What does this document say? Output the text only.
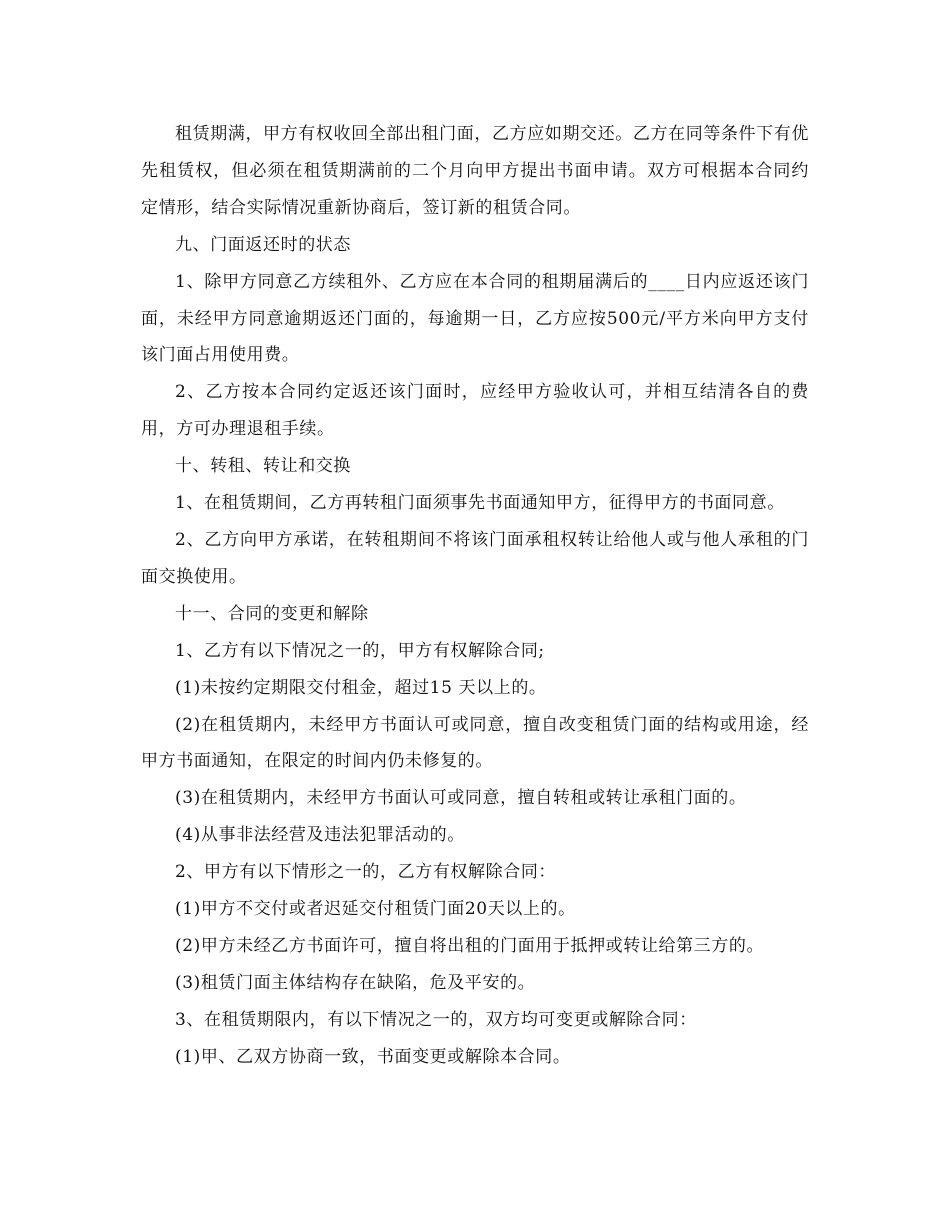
租赁期满，甲方有权收回全部出租门面，乙方应如期交还。乙方在同等条件下有优先租赁权，但必须在租赁期满前的二个月向甲方提出书面申请。双方可根据本合同约定情形，结合实际情况重新协商后，签订新的租赁合同。

九、门面返还时的状态

1、除甲方同意乙方续租外、乙方应在本合同的租期届满后的____日内应返还该门面，未经甲方同意逾期返还门面的，每逾期一日，乙方应按500元/平方米向甲方支付该门面占用使用费。

2、乙方按本合同约定返还该门面时，应经甲方验收认可，并相互结清各自的费用，方可办理退租手续。

十、转租、转让和交换

1、在租赁期间，乙方再转租门面须事先书面通知甲方，征得甲方的书面同意。

2、乙方向甲方承诺，在转租期间不将该门面承租权转让给他人或与他人承租的门面交换使用。

十一、合同的变更和解除

1、乙方有以下情况之一的，甲方有权解除合同;

(1)未按约定期限交付租金，超过15 天以上的。

(2)在租赁期内，未经甲方书面认可或同意，擅自改变租赁门面的结构或用途，经甲方书面通知，在限定的时间内仍未修复的。

(3)在租赁期内，未经甲方书面认可或同意，擅自转租或转让承租门面的。

(4)从事非法经营及违法犯罪活动的。

2、甲方有以下情形之一的，乙方有权解除合同：

(1)甲方不交付或者迟延交付租赁门面20天以上的。

(2)甲方未经乙方书面许可，擅自将出租的门面用于抵押或转让给第三方的。

(3)租赁门面主体结构存在缺陷，危及平安的。

3、在租赁期限内，有以下情况之一的，双方均可变更或解除合同：

(1)甲、乙双方协商一致，书面变更或解除本合同。
